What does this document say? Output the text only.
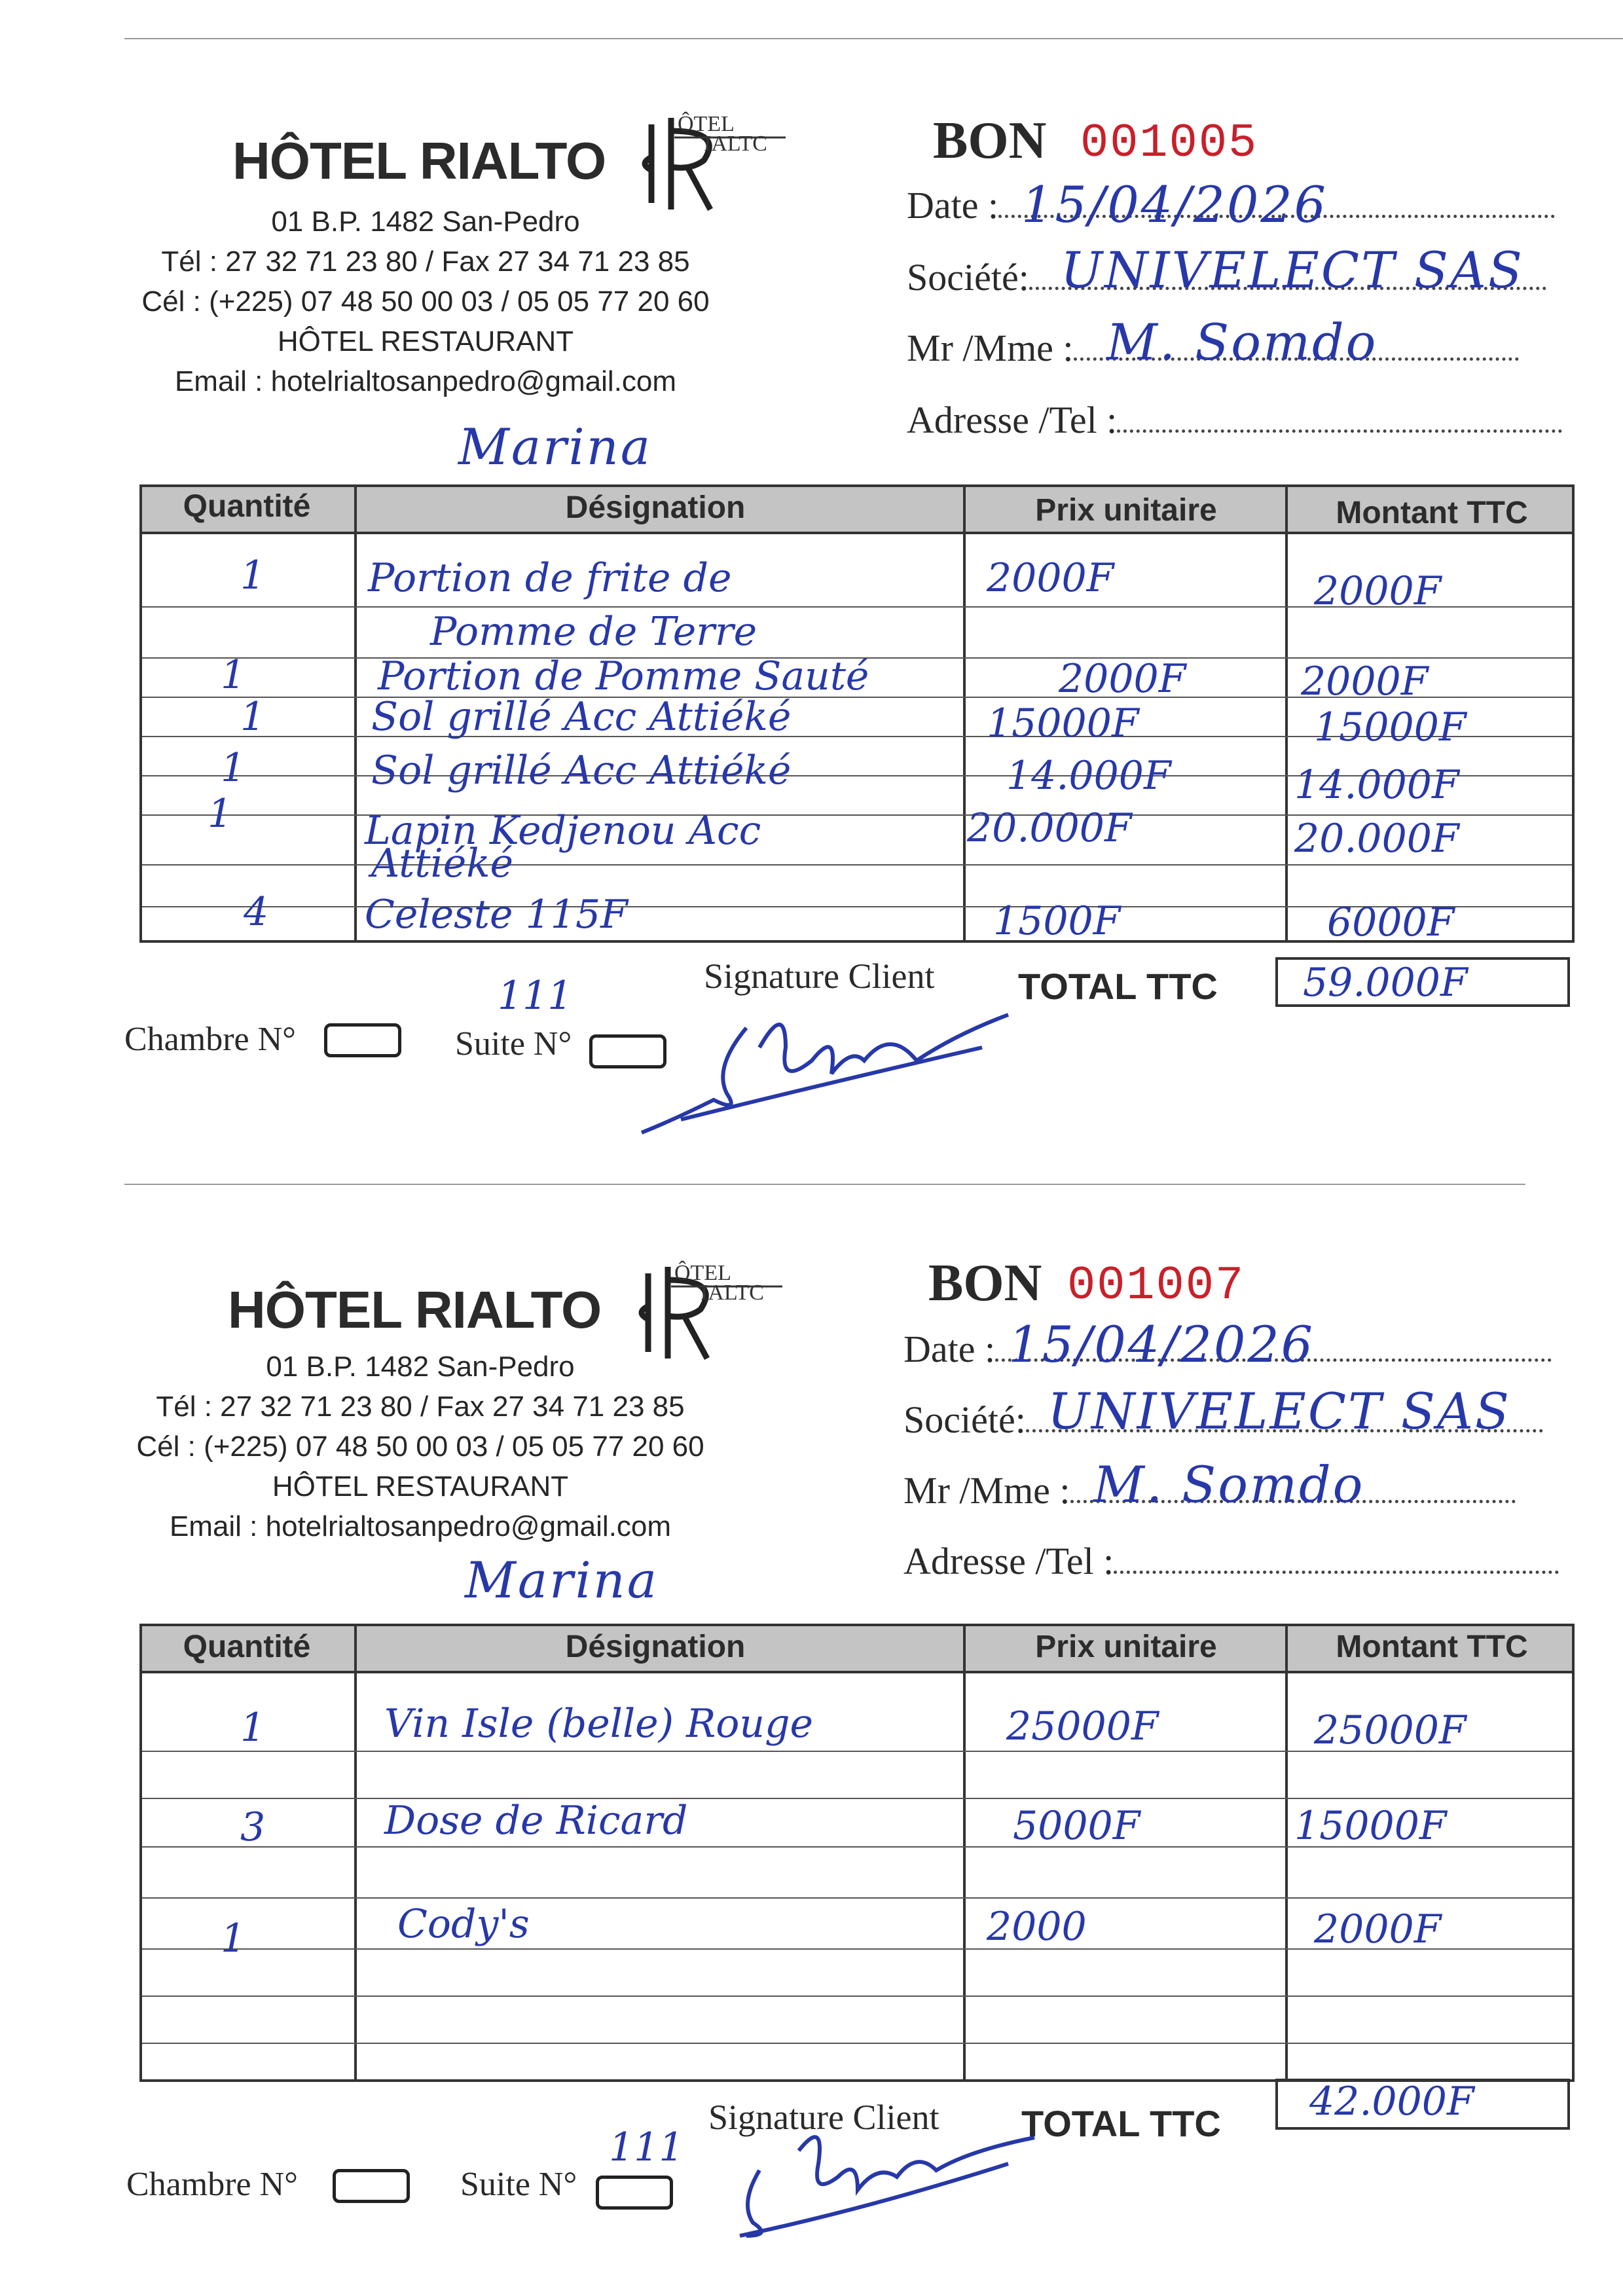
HÔTEL RIALTO
ÔTEL
IALTC
01 B.P. 1482 San-Pedro
Tél : 27 32 71 23 80 / Fax 27 34 71 23 85
Cél : (+225) 07 48 50 00 03 / 05 05 77 20 60
HÔTEL RESTAURANT
Email : hotelrialtosanpedro@gmail.com
BON 001005
Date : 15/04/2026
Société: UNIVELECT SAS
Mr /Mme : M. Somdo
Adresse /Tel :
Marina
Quantité	Désignation	Prix unitaire	Montant TTC
1	Portion de frite de	2000F	2000F
Pomme de Terre
1	Portion de Pomme Sauté	2000F	2000F
1	Sol grillé Acc Attiéké	15000F	15000F
1	Sol grillé Acc Attiéké	14.000F	14.000F
1	Lapin Kedjenou Acc	20.000F	20.000F
Attiéké
4 Celeste 115F	1500F	6000F
Signature Client TOTAL TTC 59.000F
111
Chambre N°	Suite N°
HÔTEL RIALTO
ÔTEL
IALTC
01 B.P. 1482 San-Pedro
Tél : 27 32 71 23 80 / Fax 27 34 71 23 85
Cél : (+225) 07 48 50 00 03 / 05 05 77 20 60
HÔTEL RESTAURANT
Email : hotelrialtosanpedro@gmail.com
BON 001007
Date : 15/04/2026
Société: UNIVELECT SAS
Mr /Mme : M. Somdo
Adresse /Tel :
Marina
Quantité	Désignation	Prix unitaire	Montant TTC
1	Vin Isle (belle) Rouge	25000F	25000F
3	Dose de Ricard	5000F	15000F
1	Cody's	2000	2000F
Signature Client TOTAL TTC 42.000F
111
Chambre N°	Suite N°
